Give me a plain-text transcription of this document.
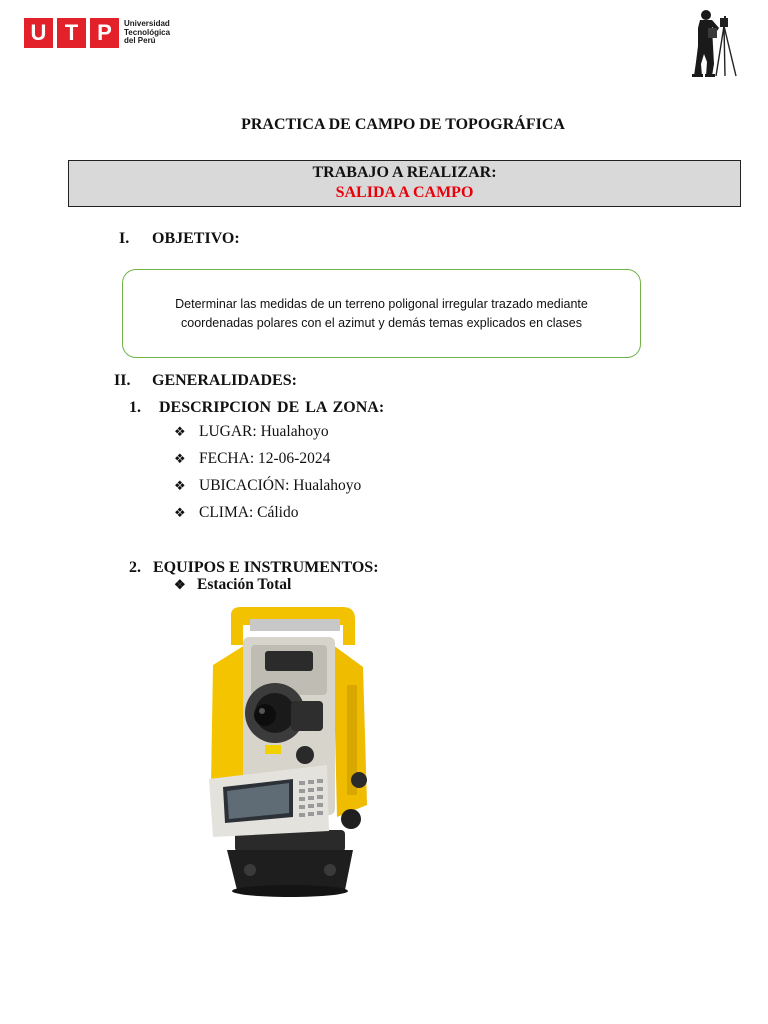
U T P	Universidad
Tecnológica
del Perú
PRACTICA DE CAMPO DE TOPOGRÁFICA
TRABAJO A REALIZAR:
SALIDA A CAMPO
I. OBJETIVO:
Determinar las medidas de un terreno poligonal irregular trazado mediante coordenadas polares con el azimut y demás temas explicados en clases
II. GENERALIDADES:
1.   DESCRIPCION DE LA ZONA:
❖ LUGAR: Hualahoyo
❖ FECHA: 12-06-2024
❖ UBICACIÓN: Hualahoyo
❖ CLIMA: Cálido
2.   EQUIPOS E INSTRUMENTOS:
❖ Estación Total
